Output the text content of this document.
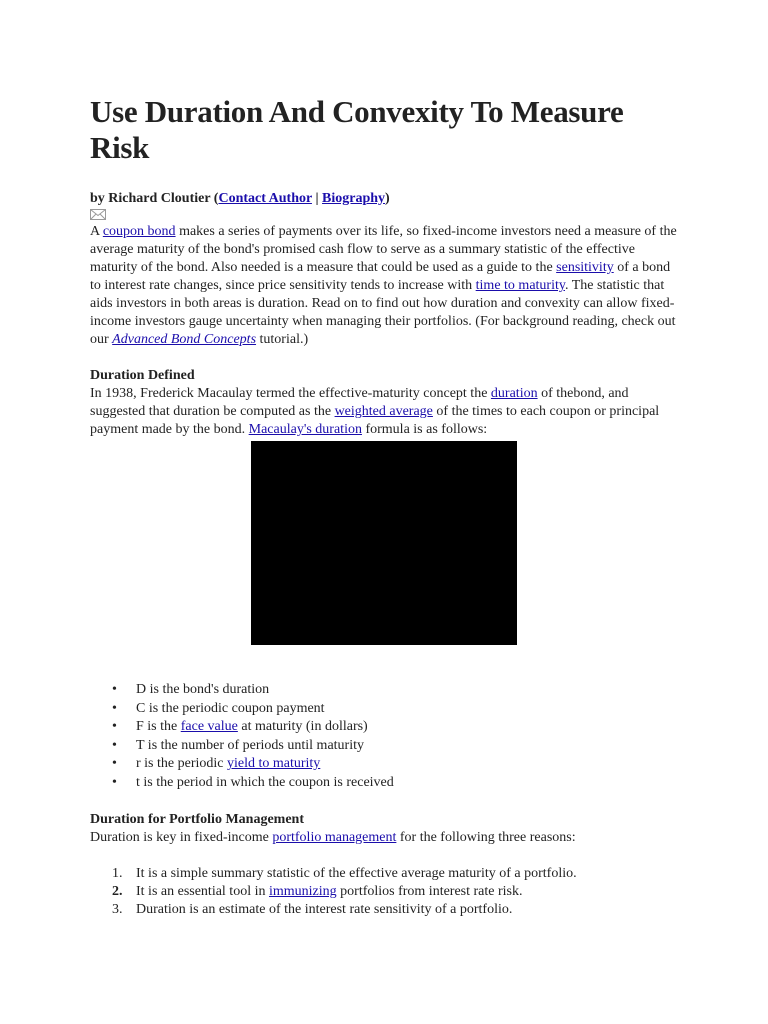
Use Duration And Convexity To Measure Risk

by Richard Cloutier (Contact Author | Biography)

A coupon bond makes a series of payments over its life, so fixed-income investors need a measure of the average maturity of the bond's promised cash flow to serve as a summary statistic of the effective maturity of the bond. Also needed is a measure that could be used as a guide to the sensitivity of a bond to interest rate changes, since price sensitivity tends to increase with time to maturity. The statistic that aids investors in both areas is duration. Read on to find out how duration and convexity can allow fixed-income investors gauge uncertainty when managing their portfolios. (For background reading, check out our Advanced Bond Concepts tutorial.)

Duration Defined

In 1938, Frederick Macaulay termed the effective-maturity concept the duration of thebond, and suggested that duration be computed as the weighted average of the times to each coupon or principal payment made by the bond. Macaulay's duration formula is as follows:

• D is the bond's duration
• C is the periodic coupon payment
• F is the face value at maturity (in dollars)
• T is the number of periods until maturity
• r is the periodic yield to maturity
• t is the period in which the coupon is received

Duration for Portfolio Management

Duration is key in fixed-income portfolio management for the following three reasons:

1. It is a simple summary statistic of the effective average maturity of a portfolio.
2. It is an essential tool in immunizing portfolios from interest rate risk.
3. Duration is an estimate of the interest rate sensitivity of a portfolio.
